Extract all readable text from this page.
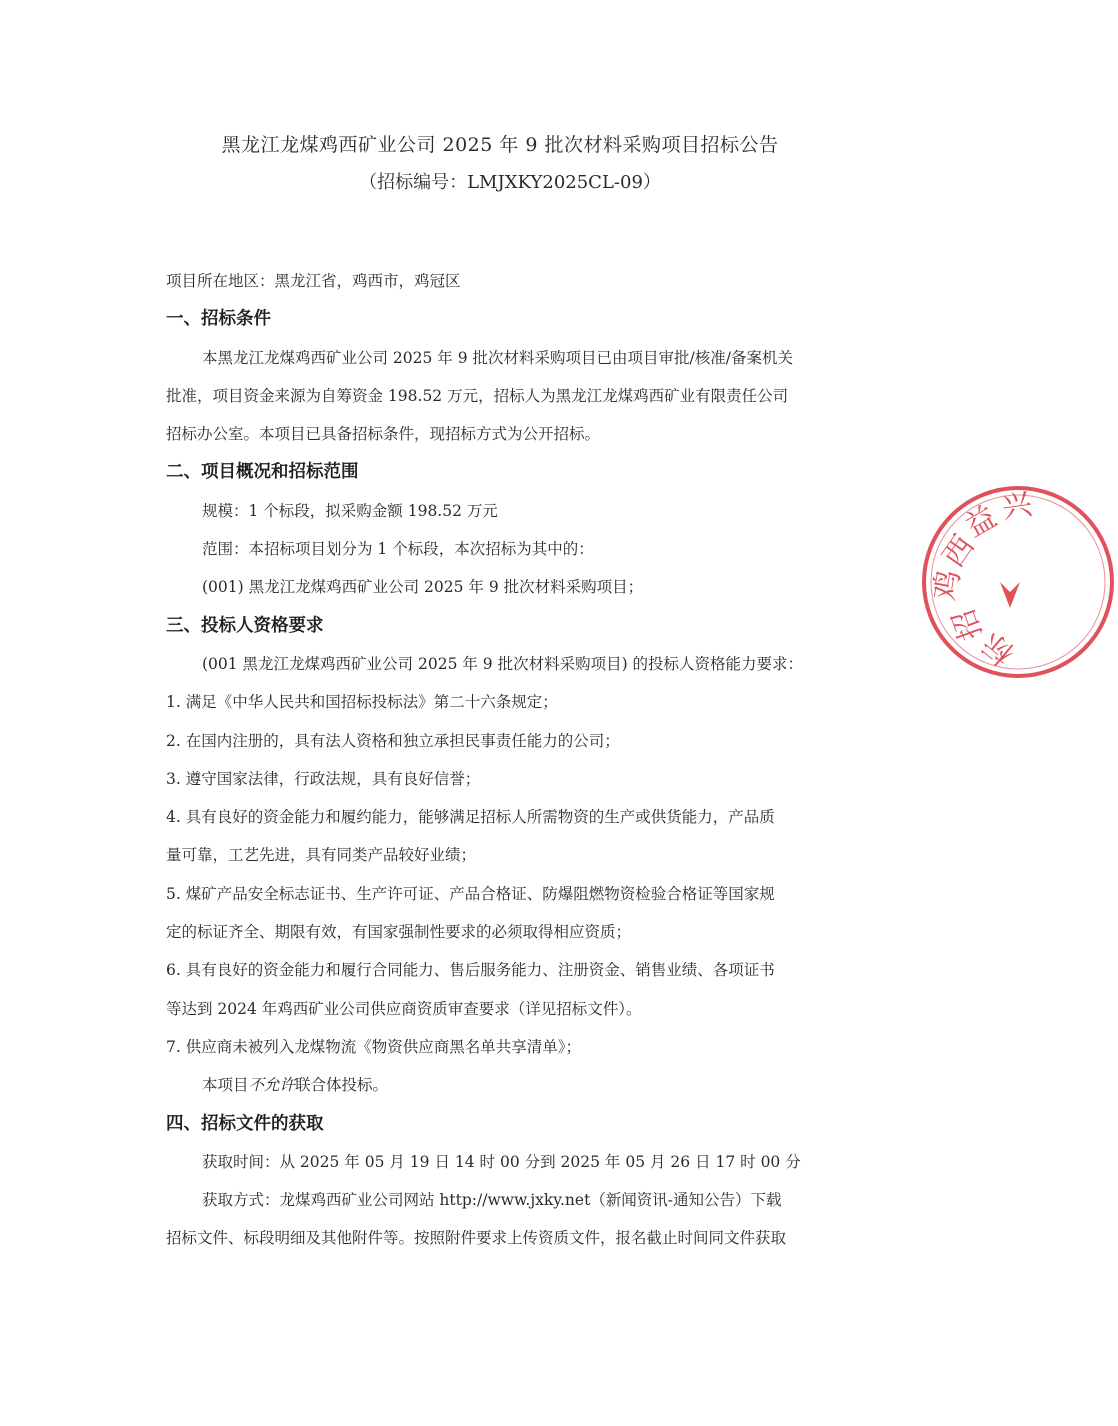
黑龙江龙煤鸡西矿业公司 2025 年 9 批次材料采购项目招标公告
（招标编号：LMJXKY2025CL-09）
项目所在地区：黑龙江省，鸡西市，鸡冠区
一、招标条件
本黑龙江龙煤鸡西矿业公司 2025 年 9 批次材料采购项目已由项目审批/核准/备案机关
批准，项目资金来源为自筹资金 198.52 万元，招标人为黑龙江龙煤鸡西矿业有限责任公司
招标办公室。本项目已具备招标条件，现招标方式为公开招标。
二、项目概况和招标范围
规模：1 个标段，拟采购金额 198.52 万元
范围：本招标项目划分为 1 个标段，本次招标为其中的：
(001) 黑龙江龙煤鸡西矿业公司 2025 年 9 批次材料采购项目；
三、投标人资格要求
(001 黑龙江龙煤鸡西矿业公司 2025 年 9 批次材料采购项目) 的投标人资格能力要求：
1. 满足《中华人民共和国招标投标法》第二十六条规定；
2. 在国内注册的，具有法人资格和独立承担民事责任能力的公司；
3. 遵守国家法律，行政法规，具有良好信誉；
4. 具有良好的资金能力和履约能力，能够满足招标人所需物资的生产或供货能力，产品质
量可靠，工艺先进，具有同类产品较好业绩；
5. 煤矿产品安全标志证书、生产许可证、产品合格证、防爆阻燃物资检验合格证等国家规
定的标证齐全、期限有效，有国家强制性要求的必须取得相应资质；
6. 具有良好的资金能力和履行合同能力、售后服务能力、注册资金、销售业绩、各项证书
等达到 2024 年鸡西矿业公司供应商资质审查要求（详见招标文件）。
7. 供应商未被列入龙煤物流《物资供应商黑名单共享清单》；
本项目不允许联合体投标。
四、招标文件的获取
获取时间：从 2025 年 05 月 19 日 14 时 00 分到 2025 年 05 月 26 日 17 时 00 分
获取方式：龙煤鸡西矿业公司网站 http://www.jxky.net（新闻资讯-通知公告）下载
招标文件、标段明细及其他附件等。按照附件要求上传资质文件，报名截止时间同文件获取
鸡
西
益
兴
招
标
